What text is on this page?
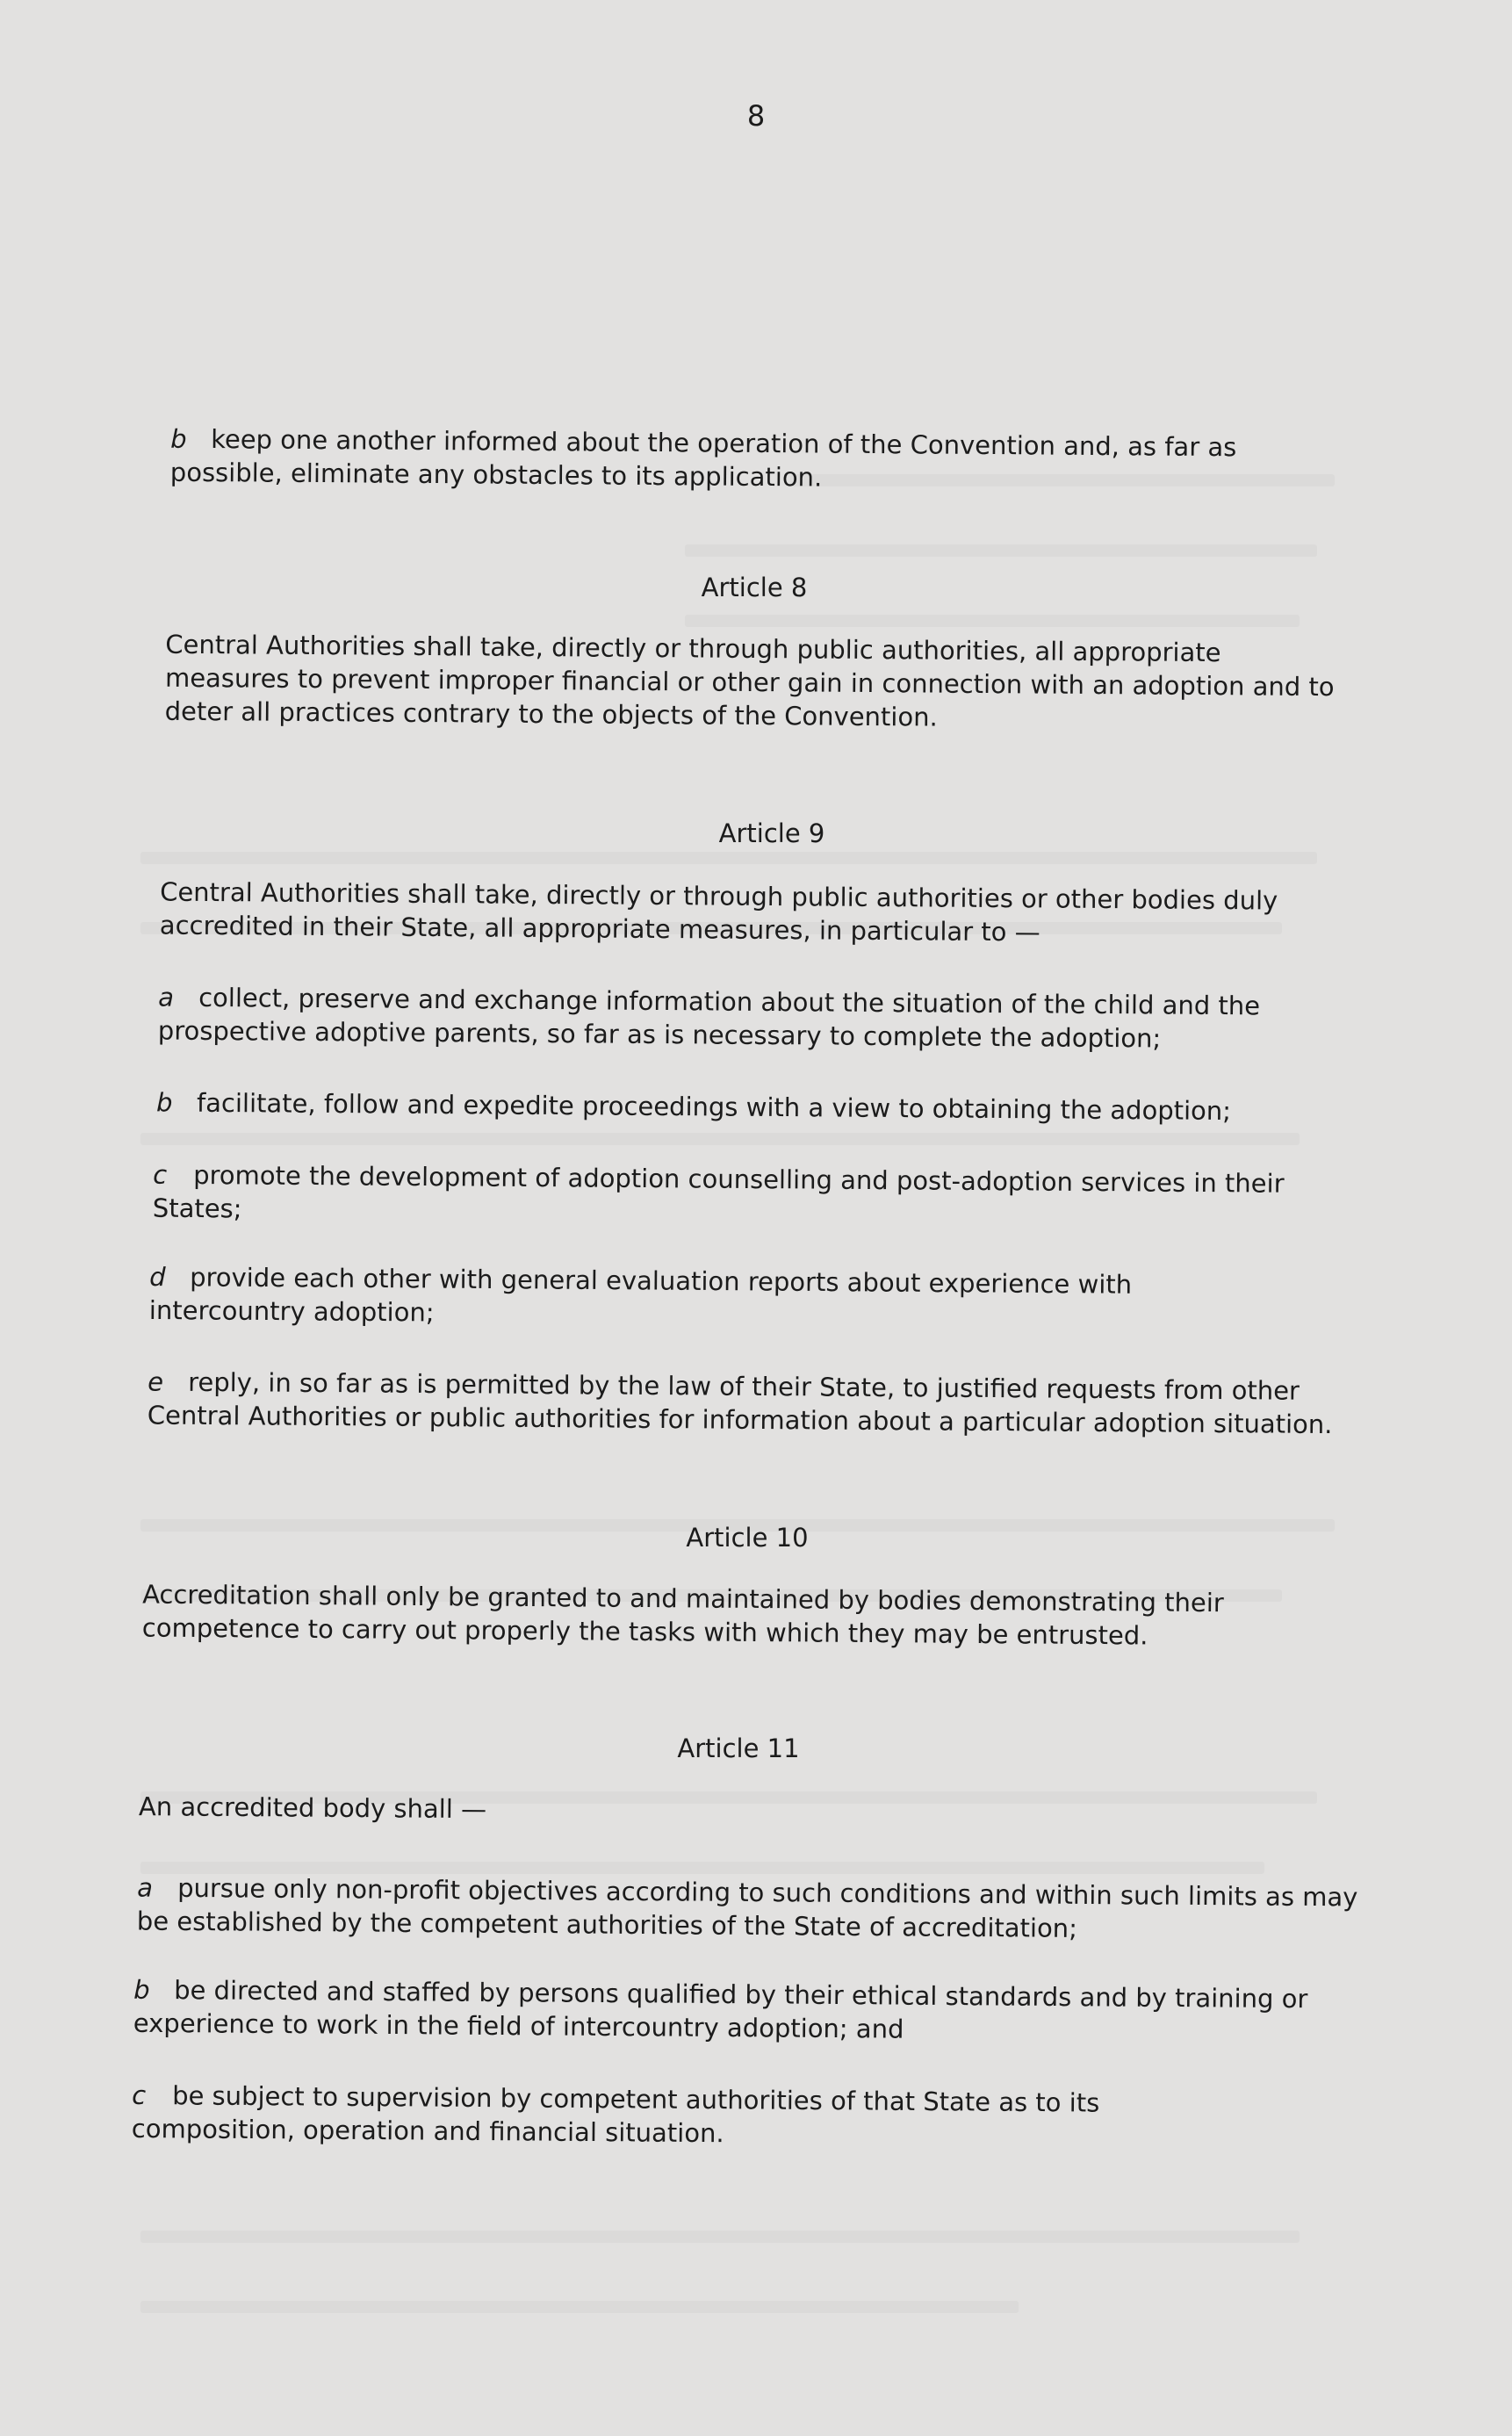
8

b keep one another informed about the operation of the Convention and, as far as possible, eliminate any obstacles to its application.

Article 8

Central Authorities shall take, directly or through public authorities, all appropriate measures to prevent improper financial or other gain in connection with an adoption and to deter all practices contrary to the objects of the Convention.

Article 9

Central Authorities shall take, directly or through public authorities or other bodies duly accredited in their State, all appropriate measures, in particular to —

a collect, preserve and exchange information about the situation of the child and the prospective adoptive parents, so far as is necessary to complete the adoption;

b facilitate, follow and expedite proceedings with a view to obtaining the adoption;

c promote the development of adoption counselling and post-adoption services in their States;

d provide each other with general evaluation reports about experience with intercountry adoption;

e reply, in so far as is permitted by the law of their State, to justified requests from other Central Authorities or public authorities for information about a particular adoption situation.

Article 10

Accreditation shall only be granted to and maintained by bodies demonstrating their competence to carry out properly the tasks with which they may be entrusted.

Article 11

An accredited body shall —

a pursue only non-profit objectives according to such conditions and within such limits as may be established by the competent authorities of the State of accreditation;

b be directed and staffed by persons qualified by their ethical standards and by training or experience to work in the field of intercountry adoption; and

c be subject to supervision by competent authorities of that State as to its composition, operation and financial situation.
